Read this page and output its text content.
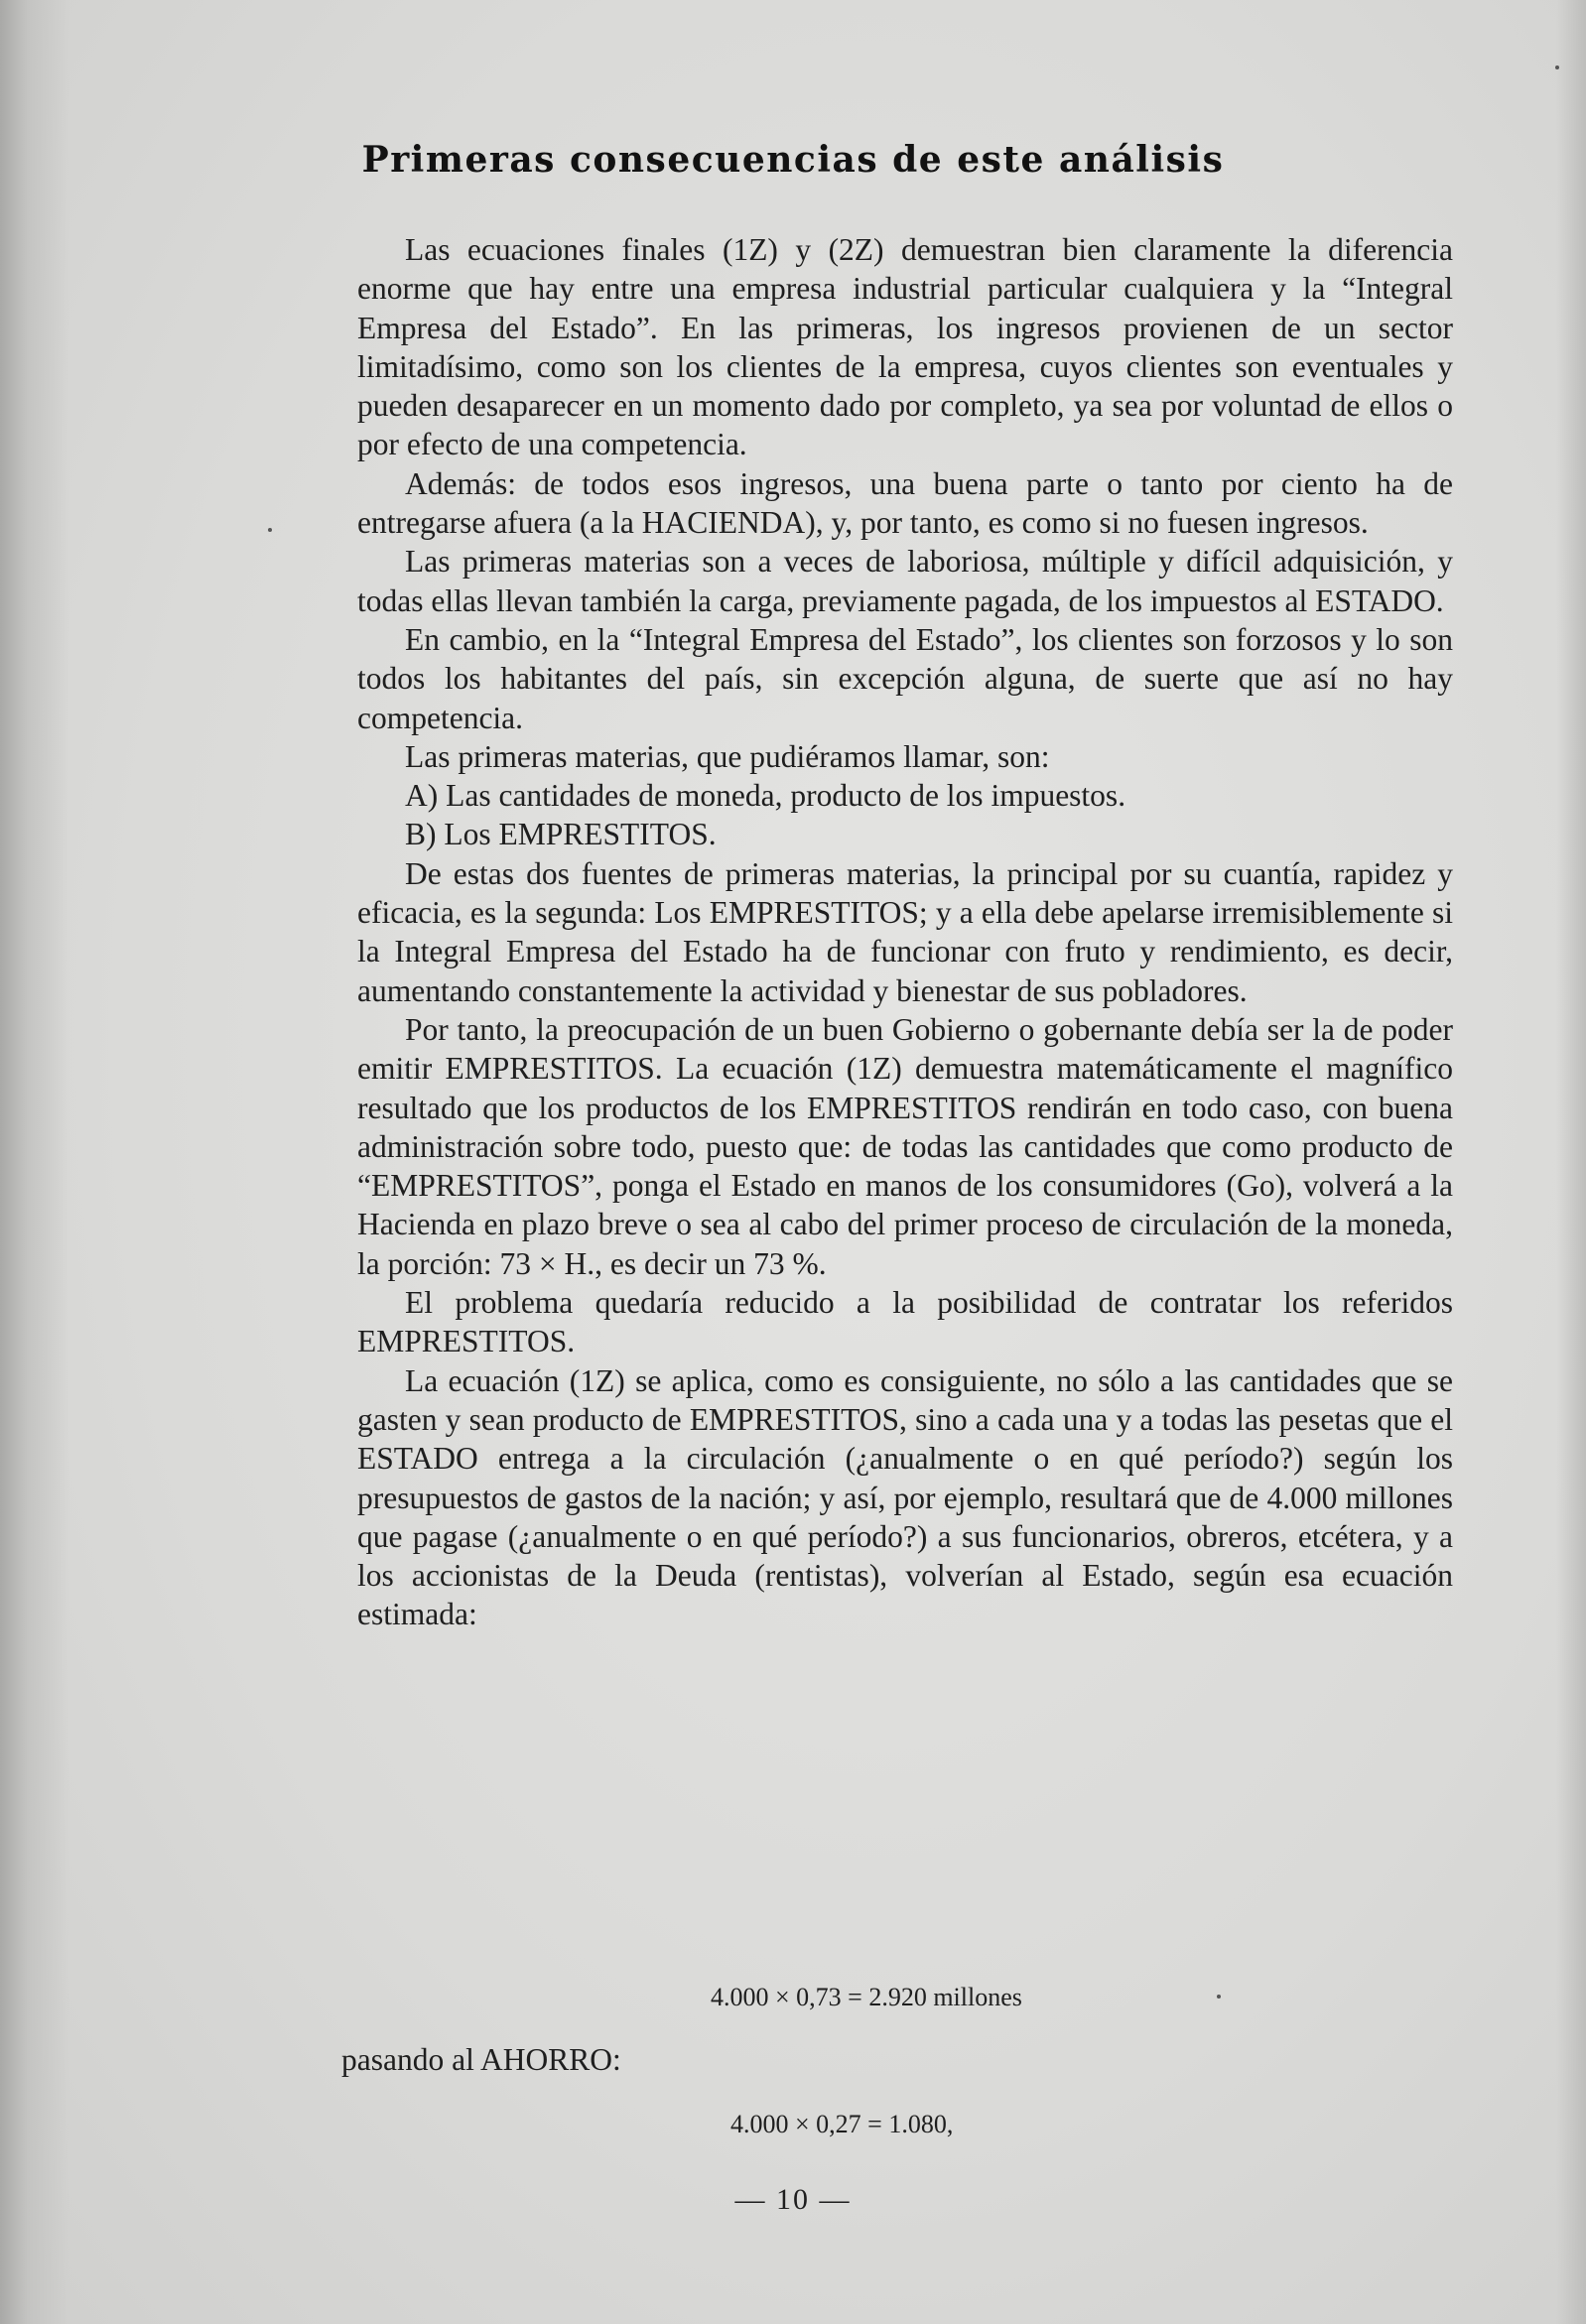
Primeras consecuencias de este análisis

Las ecuaciones finales (1Z) y (2Z) demuestran bien claramente la diferencia enorme que hay entre una empresa industrial particular cualquiera y la “Integral Empresa del Estado”. En las primeras, los ingresos provienen de un sector limitadísimo, como son los clientes de la empresa, cuyos clientes son eventuales y pueden desaparecer en un momento dado por completo, ya sea por voluntad de ellos o por efecto de una competencia.

Además: de todos esos ingresos, una buena parte o tanto por ciento ha de entregarse afuera (a la HACIENDA), y, por tanto, es como si no fuesen ingresos.

Las primeras materias son a veces de laboriosa, múltiple y difícil adquisición, y todas ellas llevan también la carga, previamente pagada, de los impuestos al ESTADO.

En cambio, en la “Integral Empresa del Estado”, los clientes son forzosos y lo son todos los habitantes del país, sin excepción alguna, de suerte que así no hay competencia.

Las primeras materias, que pudiéramos llamar, son:

A) Las cantidades de moneda, producto de los impuestos.

B) Los EMPRESTITOS.

De estas dos fuentes de primeras materias, la principal por su cuantía, rapidez y eficacia, es la segunda: Los EMPRESTITOS; y a ella debe apelarse irremisiblemente si la Integral Empresa del Estado ha de funcionar con fruto y rendimiento, es decir, aumentando constantemente la actividad y bienestar de sus pobladores.

Por tanto, la preocupación de un buen Gobierno o gobernante debía ser la de poder emitir EMPRESTITOS. La ecuación (1Z) demuestra matemáticamente el magnífico resultado que los productos de los EMPRESTITOS rendirán en todo caso, con buena administración sobre todo, puesto que: de todas las cantidades que como producto de “EMPRESTITOS”, ponga el Estado en manos de los consumidores (Go), volverá a la Hacienda en plazo breve o sea al cabo del primer proceso de circulación de la moneda, la porción: 73 × H., es decir un 73 %.

El problema quedaría reducido a la posibilidad de contratar los referidos EMPRESTITOS.

La ecuación (1Z) se aplica, como es consiguiente, no sólo a las cantidades que se gasten y sean producto de EMPRESTITOS, sino a cada una y a todas las pesetas que el ESTADO entrega a la circulación (¿anualmente o en qué período?) según los presupuestos de gastos de la nación; y así, por ejemplo, resultará que de 4.000 millones que pagase (¿anualmente o en qué período?) a sus funcionarios, obreros, etcétera, y a los accionistas de la Deuda (rentistas), volverían al Estado, según esa ecuación estimada:

4.000 × 0,73 = 2.920 millones
pasando al AHORRO:
4.000 × 0,27 = 1.080,
— 10 —
